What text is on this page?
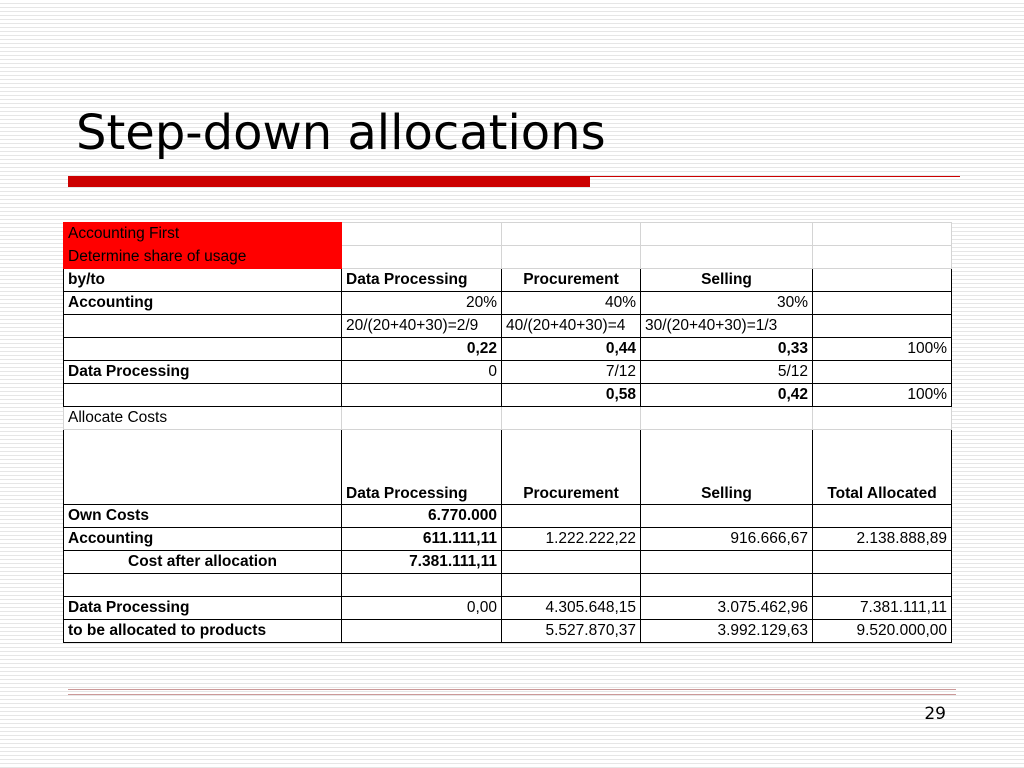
Step-down allocations
Accounting First				
Determine share of usage				
by/to	Data Processing	Procurement	Selling	
Accounting	20%	40%	30%	
	20/(20+40+30)=2/9	40/(20+40+30)=4	30/(20+40+30)=1/3	
	0,22	0,44	0,33	100%
Data Processing	0	7/12	5/12	
		0,58	0,42	100%
Allocate Costs				
	Data Processing	Procurement	Selling	Total Allocated
Own Costs	6.770.000			
Accounting	611.111,11	1.222.222,22	916.666,67	2.138.888,89
Cost after allocation	7.381.111,11			

Data Processing	0,00	4.305.648,15	3.075.462,96	7.381.111,11
to be allocated to products		5.527.870,37	3.992.129,63	9.520.000,00
29
